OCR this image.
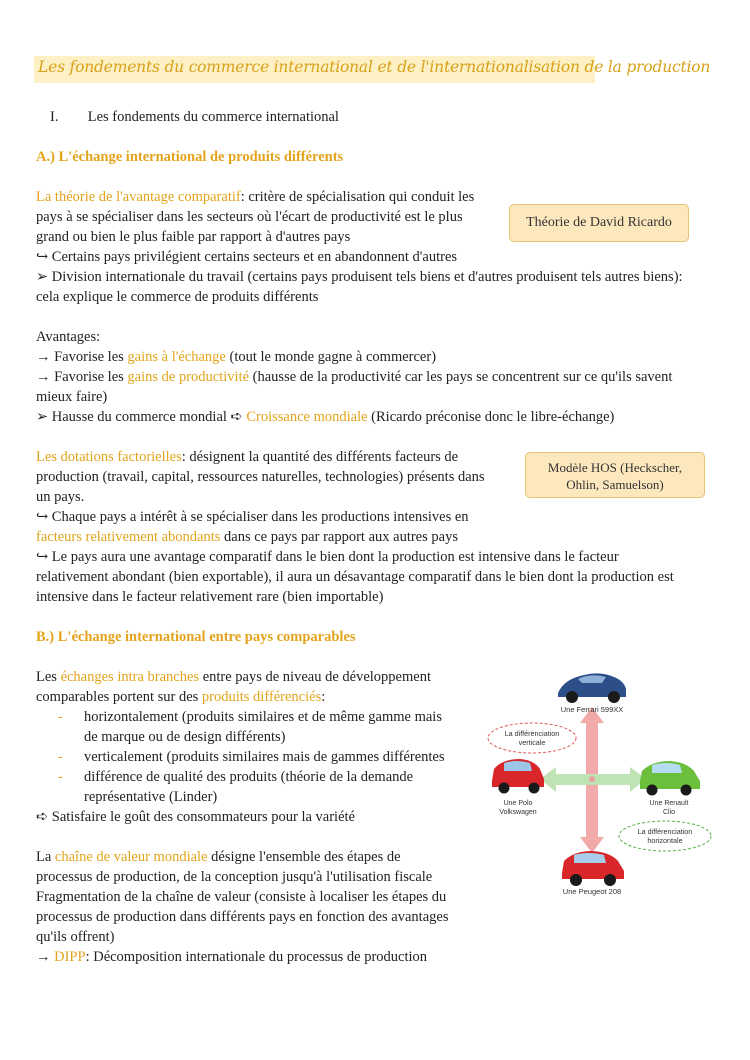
Les fondements du commerce international et de l'internationalisation de la production
I. Les fondements du commerce international
A.) L'échange international de produits différents
La théorie de l'avantage comparatif: critère de spécialisation qui conduit les
pays à se spécialiser dans les secteurs où l'écart de productivité est le plus
grand ou bien le plus faible par rapport à d'autres pays
↪ Certains pays privilégient certains secteurs et en abandonnent d'autres
➢ Division internationale du travail (certains pays produisent tels biens et d'autres produisent tels autres biens):
cela explique le commerce de produits différents
Théorie de David Ricardo
Avantages:
→ Favorise les gains à l'échange (tout le monde gagne à commercer)
→ Favorise les gains de productivité (hausse de la productivité car les pays se concentrent sur ce qu'ils savent
mieux faire)
➢ Hausse du commerce mondial ➪ Croissance mondiale (Ricardo préconise donc le libre-échange)
Les dotations factorielles: désignent la quantité des différents facteurs de
production (travail, capital, ressources naturelles, technologies) présents dans
un pays.
↪ Chaque pays a intérêt à se spécialiser dans les productions intensives en
facteurs relativement abondants dans ce pays par rapport aux autres pays
↪ Le pays aura une avantage comparatif dans le bien dont la production est intensive dans le facteur
relativement abondant (bien exportable), il aura un désavantage comparatif dans le bien dont la production est
intensive dans le facteur relativement rare (bien importable)
Modèle HOS (Heckscher,
Ohlin, Samuelson)
B.) L'échange international entre pays comparables
Les échanges intra branches entre pays de niveau de développement
comparables portent sur des produits différenciés:
- horizontalement (produits similaires et de même gamme mais
de marque ou de design différents)
- verticalement (produits similaires mais de gammes différentes
- différence de qualité des produits (théorie de la demande
représentative (Linder)
➪ Satisfaire le goût des consommateurs pour la variété
La chaîne de valeur mondiale désigne l'ensemble des étapes de
processus de production, de la conception jusqu'à l'utilisation fiscale
Fragmentation de la chaîne de valeur (consiste à localiser les étapes du
processus de production dans différents pays en fonction des avantages
qu'ils offrent)
→ DIPP: Décomposition internationale du processus de production
Une Ferrari 599XX
Une Polo
Volkswagen
Une Renault
Clio
Une Peugeot 208
La différenciation
verticale
La différenciation
horizontale
